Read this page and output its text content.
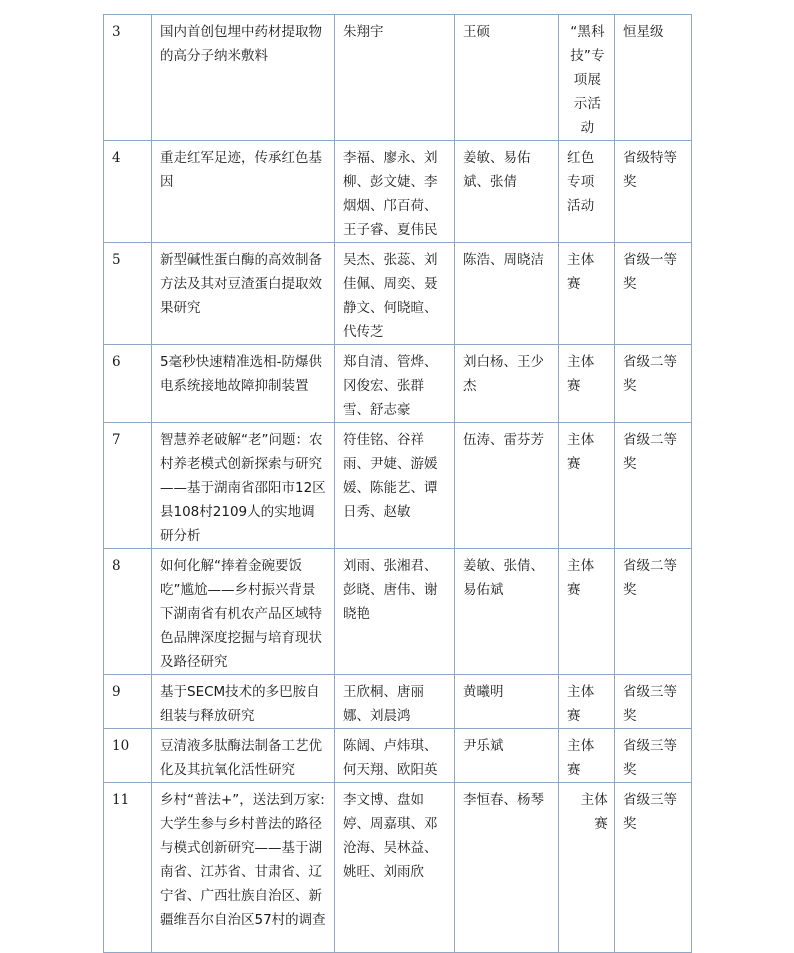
3	国内首创包埋中药材提取物的高分子纳米敷料	朱翔宇	王硕	“黑科技”专项展示活动	恒星级
4	重走红军足迹，传承红色基因	李福、廖永、刘柳、彭文婕、李烟烟、邝百荷、王子睿、夏伟民	姜敏、易佑斌、张倩	红色专项活动	省级特等奖
5	新型碱性蛋白酶的高效制备方法及其对豆渣蛋白提取效果研究	吴杰、张蕊、刘佳佩、周奕、聂静文、何晓暄、代传芝	陈浩、周晓洁	主体赛	省级一等奖
6	5毫秒快速精准选相-防爆供电系统接地故障抑制装置	郑自清、管烨、冈俊宏、张群雪、舒志豪	刘白杨、王少杰	主体赛	省级二等奖
7	智慧养老破解“老”问题：农村养老模式创新探索与研究——基于湖南省邵阳市12区县108村2109人的实地调研分析	符佳铭、谷祥雨、尹婕、游媛媛、陈能艺、谭日秀、赵敏	伍涛、雷芬芳	主体赛	省级二等奖
8	如何化解“捧着金碗要饭吃”尴尬——乡村振兴背景下湖南省有机农产品区域特色品牌深度挖掘与培育现状及路径研究	刘雨、张湘君、彭晓、唐伟、谢晓艳	姜敏、张倩、易佑斌	主体赛	省级二等奖
9	基于SECM技术的多巴胺自组装与释放研究	王欣桐、唐丽娜、刘晨鸿	黄曦明	主体赛	省级三等奖
10	豆清液多肽酶法制备工艺优化及其抗氧化活性研究	陈阔、卢炜琪、何天翔、欧阳英	尹乐斌	主体赛	省级三等奖
11	乡村“普法+”，送法到万家:大学生参与乡村普法的路径与模式创新研究——基于湖南省、江苏省、甘肃省、辽宁省、广西壮族自治区、新疆维吾尔自治区57村的调查	李文博、盘如婷、周嘉琪、邓沧海、吴林益、姚旺、刘雨欣	李恒春、杨琴	主体赛	省级三等奖
